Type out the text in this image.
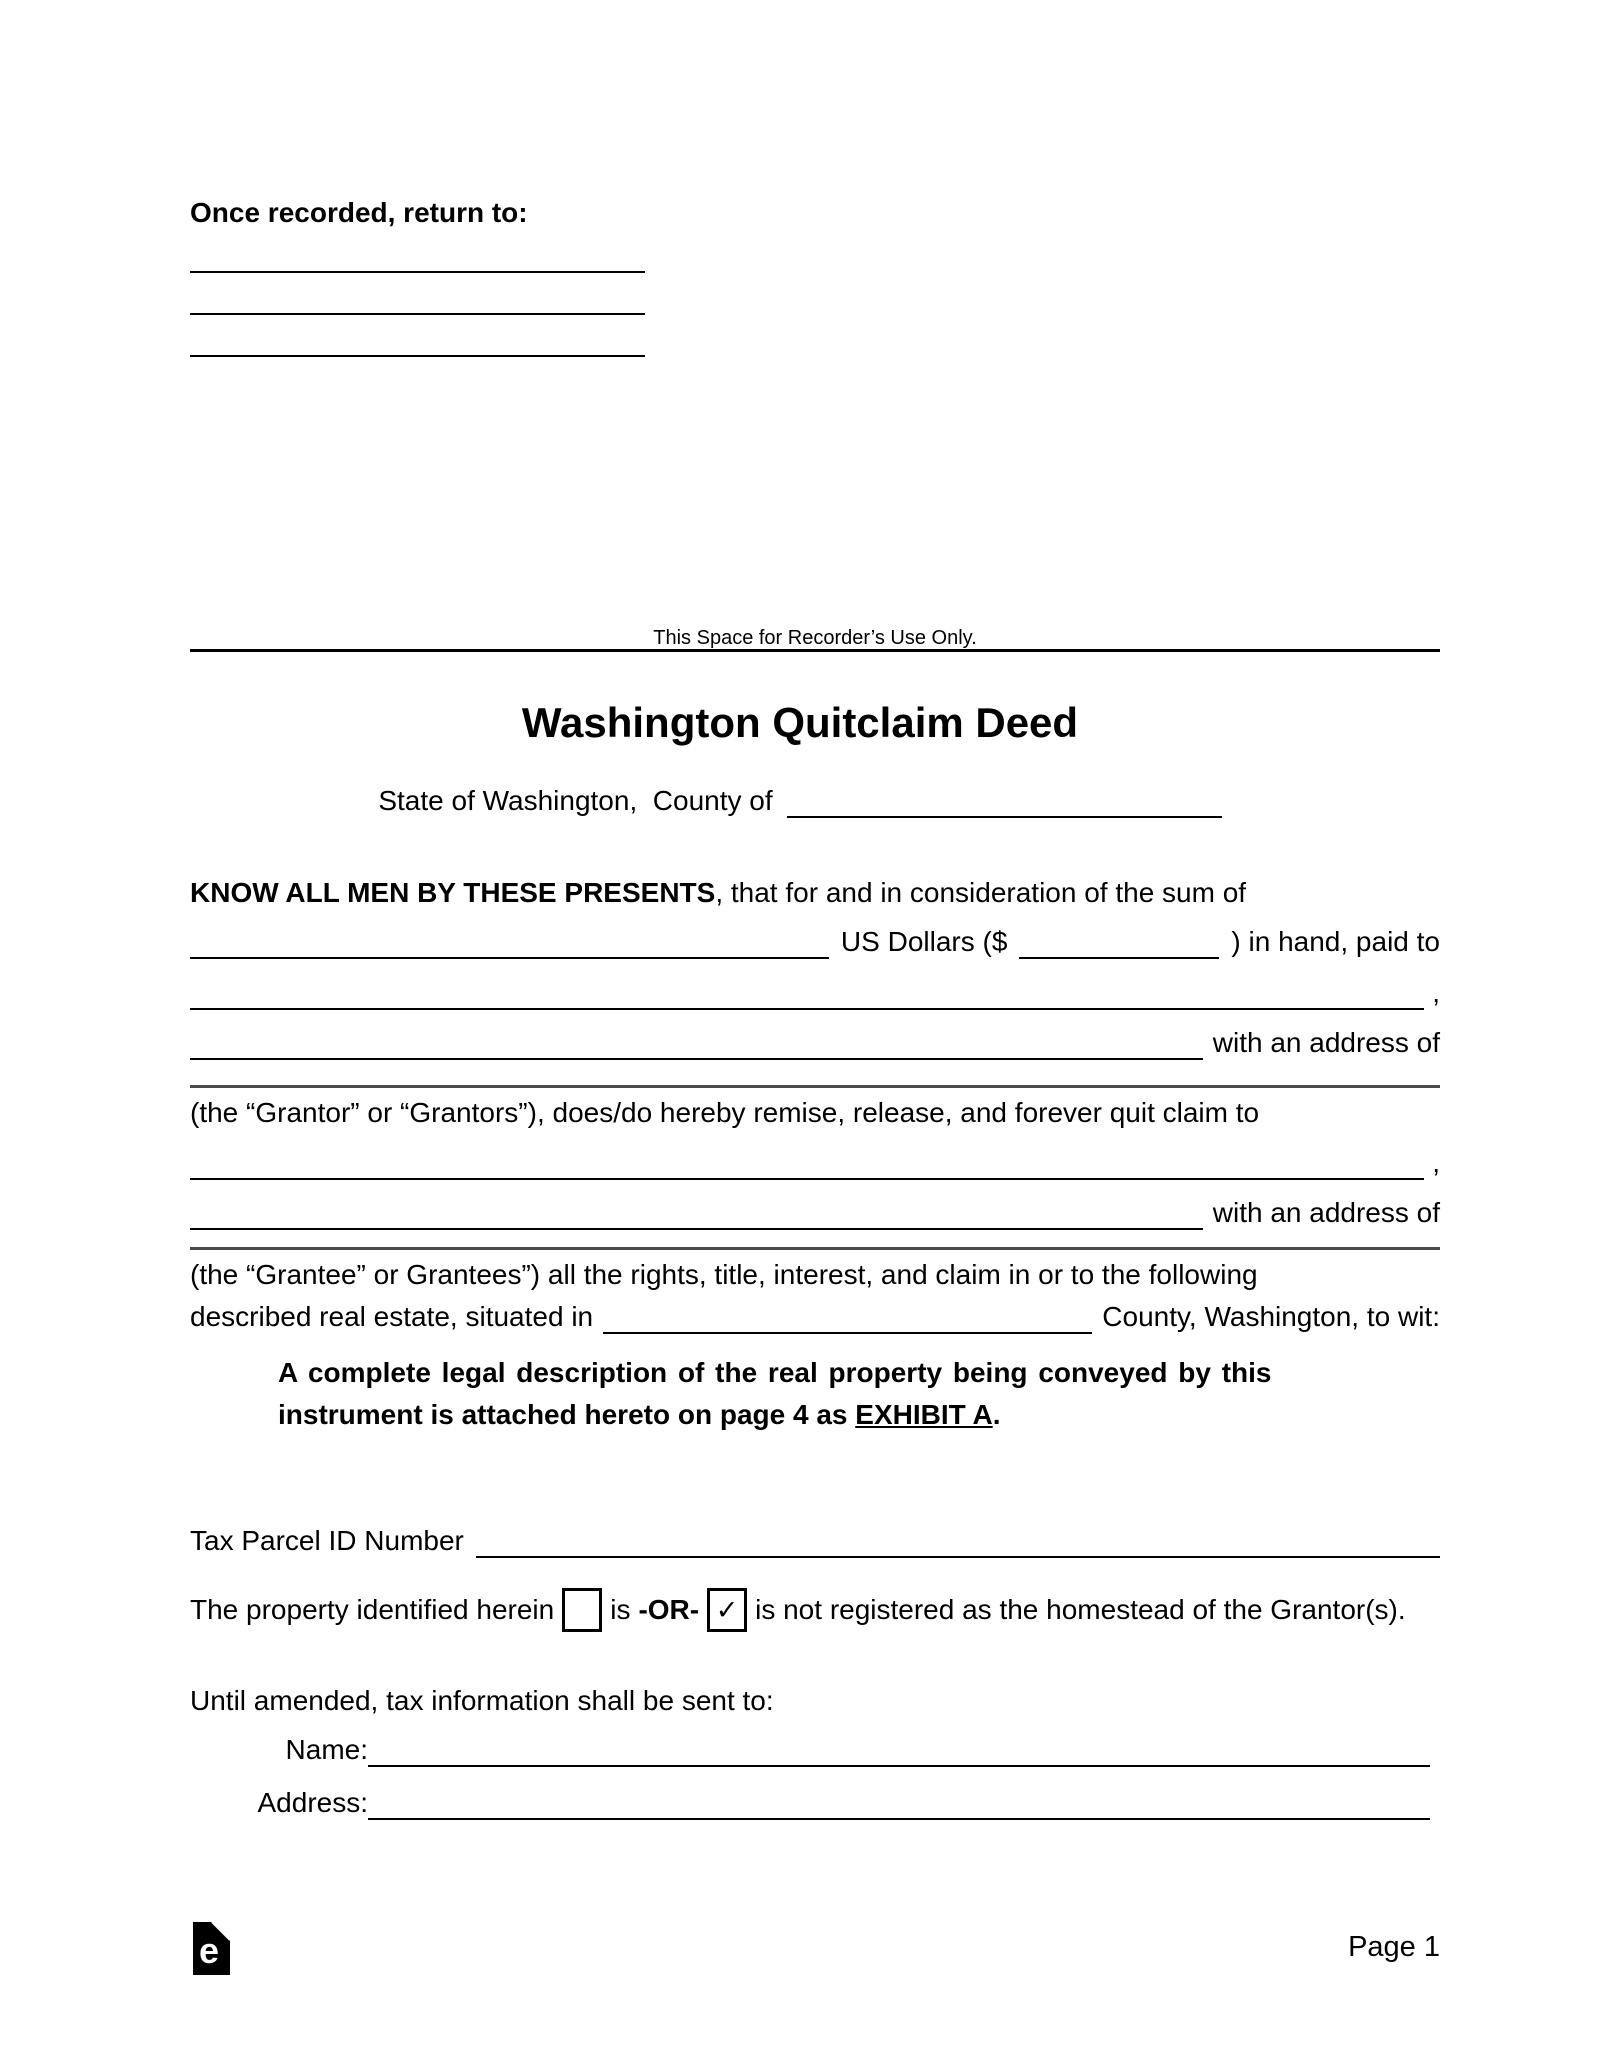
Once recorded, return to:
This Space for Recorder’s Use Only.
Washington Quitclaim Deed
State of Washington,  County of
KNOW ALL MEN BY THESE PRESENTS , that for and in consideration of the sum of
US Dollars ($	) in hand, paid to
,
with an address of
(the “Grantor” or “Grantors”), does/do hereby remise, release, and forever quit claim to
,
with an address of
(the “Grantee” or Grantees”) all the rights, title, interest, and claim in or to the following
described real estate, situated in	County, Washington, to wit:
A complete legal description of the real property being conveyed by this
instrument is attached hereto on page 4 as EXHIBIT A.
Tax Parcel ID Number
The property identified herein is -OR- ✓ is not registered as the homestead of the Grantor(s).
Until amended, tax information shall be sent to:
Name:
Address:
e	Page 1
